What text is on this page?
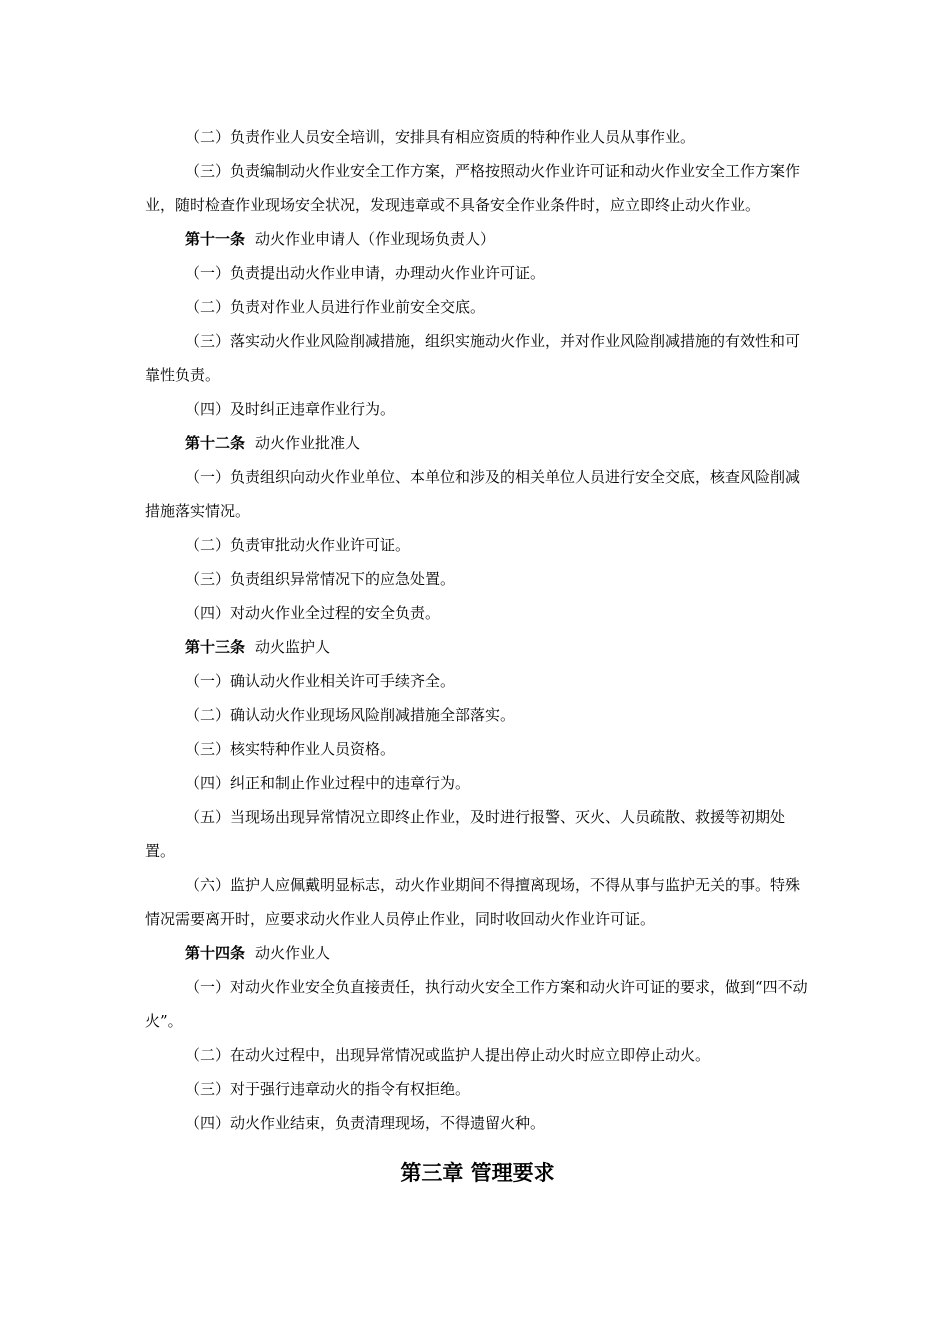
（二）负责作业人员安全培训，安排具有相应资质的特种作业人员从事作业。

（三）负责编制动火作业安全工作方案，严格按照动火作业许可证和动火作业安全工作方案作业，随时检查作业现场安全状况，发现违章或不具备安全作业条件时，应立即终止动火作业。

第十一条 动火作业申请人（作业现场负责人）

（一）负责提出动火作业申请，办理动火作业许可证。

（二）负责对作业人员进行作业前安全交底。

（三）落实动火作业风险削减措施，组织实施动火作业，并对作业风险削减措施的有效性和可靠性负责。

（四）及时纠正违章作业行为。

第十二条 动火作业批准人

（一）负责组织向动火作业单位、本单位和涉及的相关单位人员进行安全交底，核查风险削减措施落实情况。

（二）负责审批动火作业许可证。

（三）负责组织异常情况下的应急处置。

（四）对动火作业全过程的安全负责。

第十三条 动火监护人

（一）确认动火作业相关许可手续齐全。

（二）确认动火作业现场风险削减措施全部落实。

（三）核实特种作业人员资格。

（四）纠正和制止作业过程中的违章行为。

（五）当现场出现异常情况立即终止作业，及时进行报警、灭火、人员疏散、救援等初期处置。

（六）监护人应佩戴明显标志，动火作业期间不得擅离现场，不得从事与监护无关的事。特殊情况需要离开时，应要求动火作业人员停止作业，同时收回动火作业许可证。

第十四条 动火作业人

（一）对动火作业安全负直接责任，执行动火安全工作方案和动火许可证的要求，做到“四不动火”。

（二）在动火过程中，出现异常情况或监护人提出停止动火时应立即停止动火。

（三）对于强行违章动火的指令有权拒绝。

（四）动火作业结束，负责清理现场，不得遗留火种。

第三章 管理要求
